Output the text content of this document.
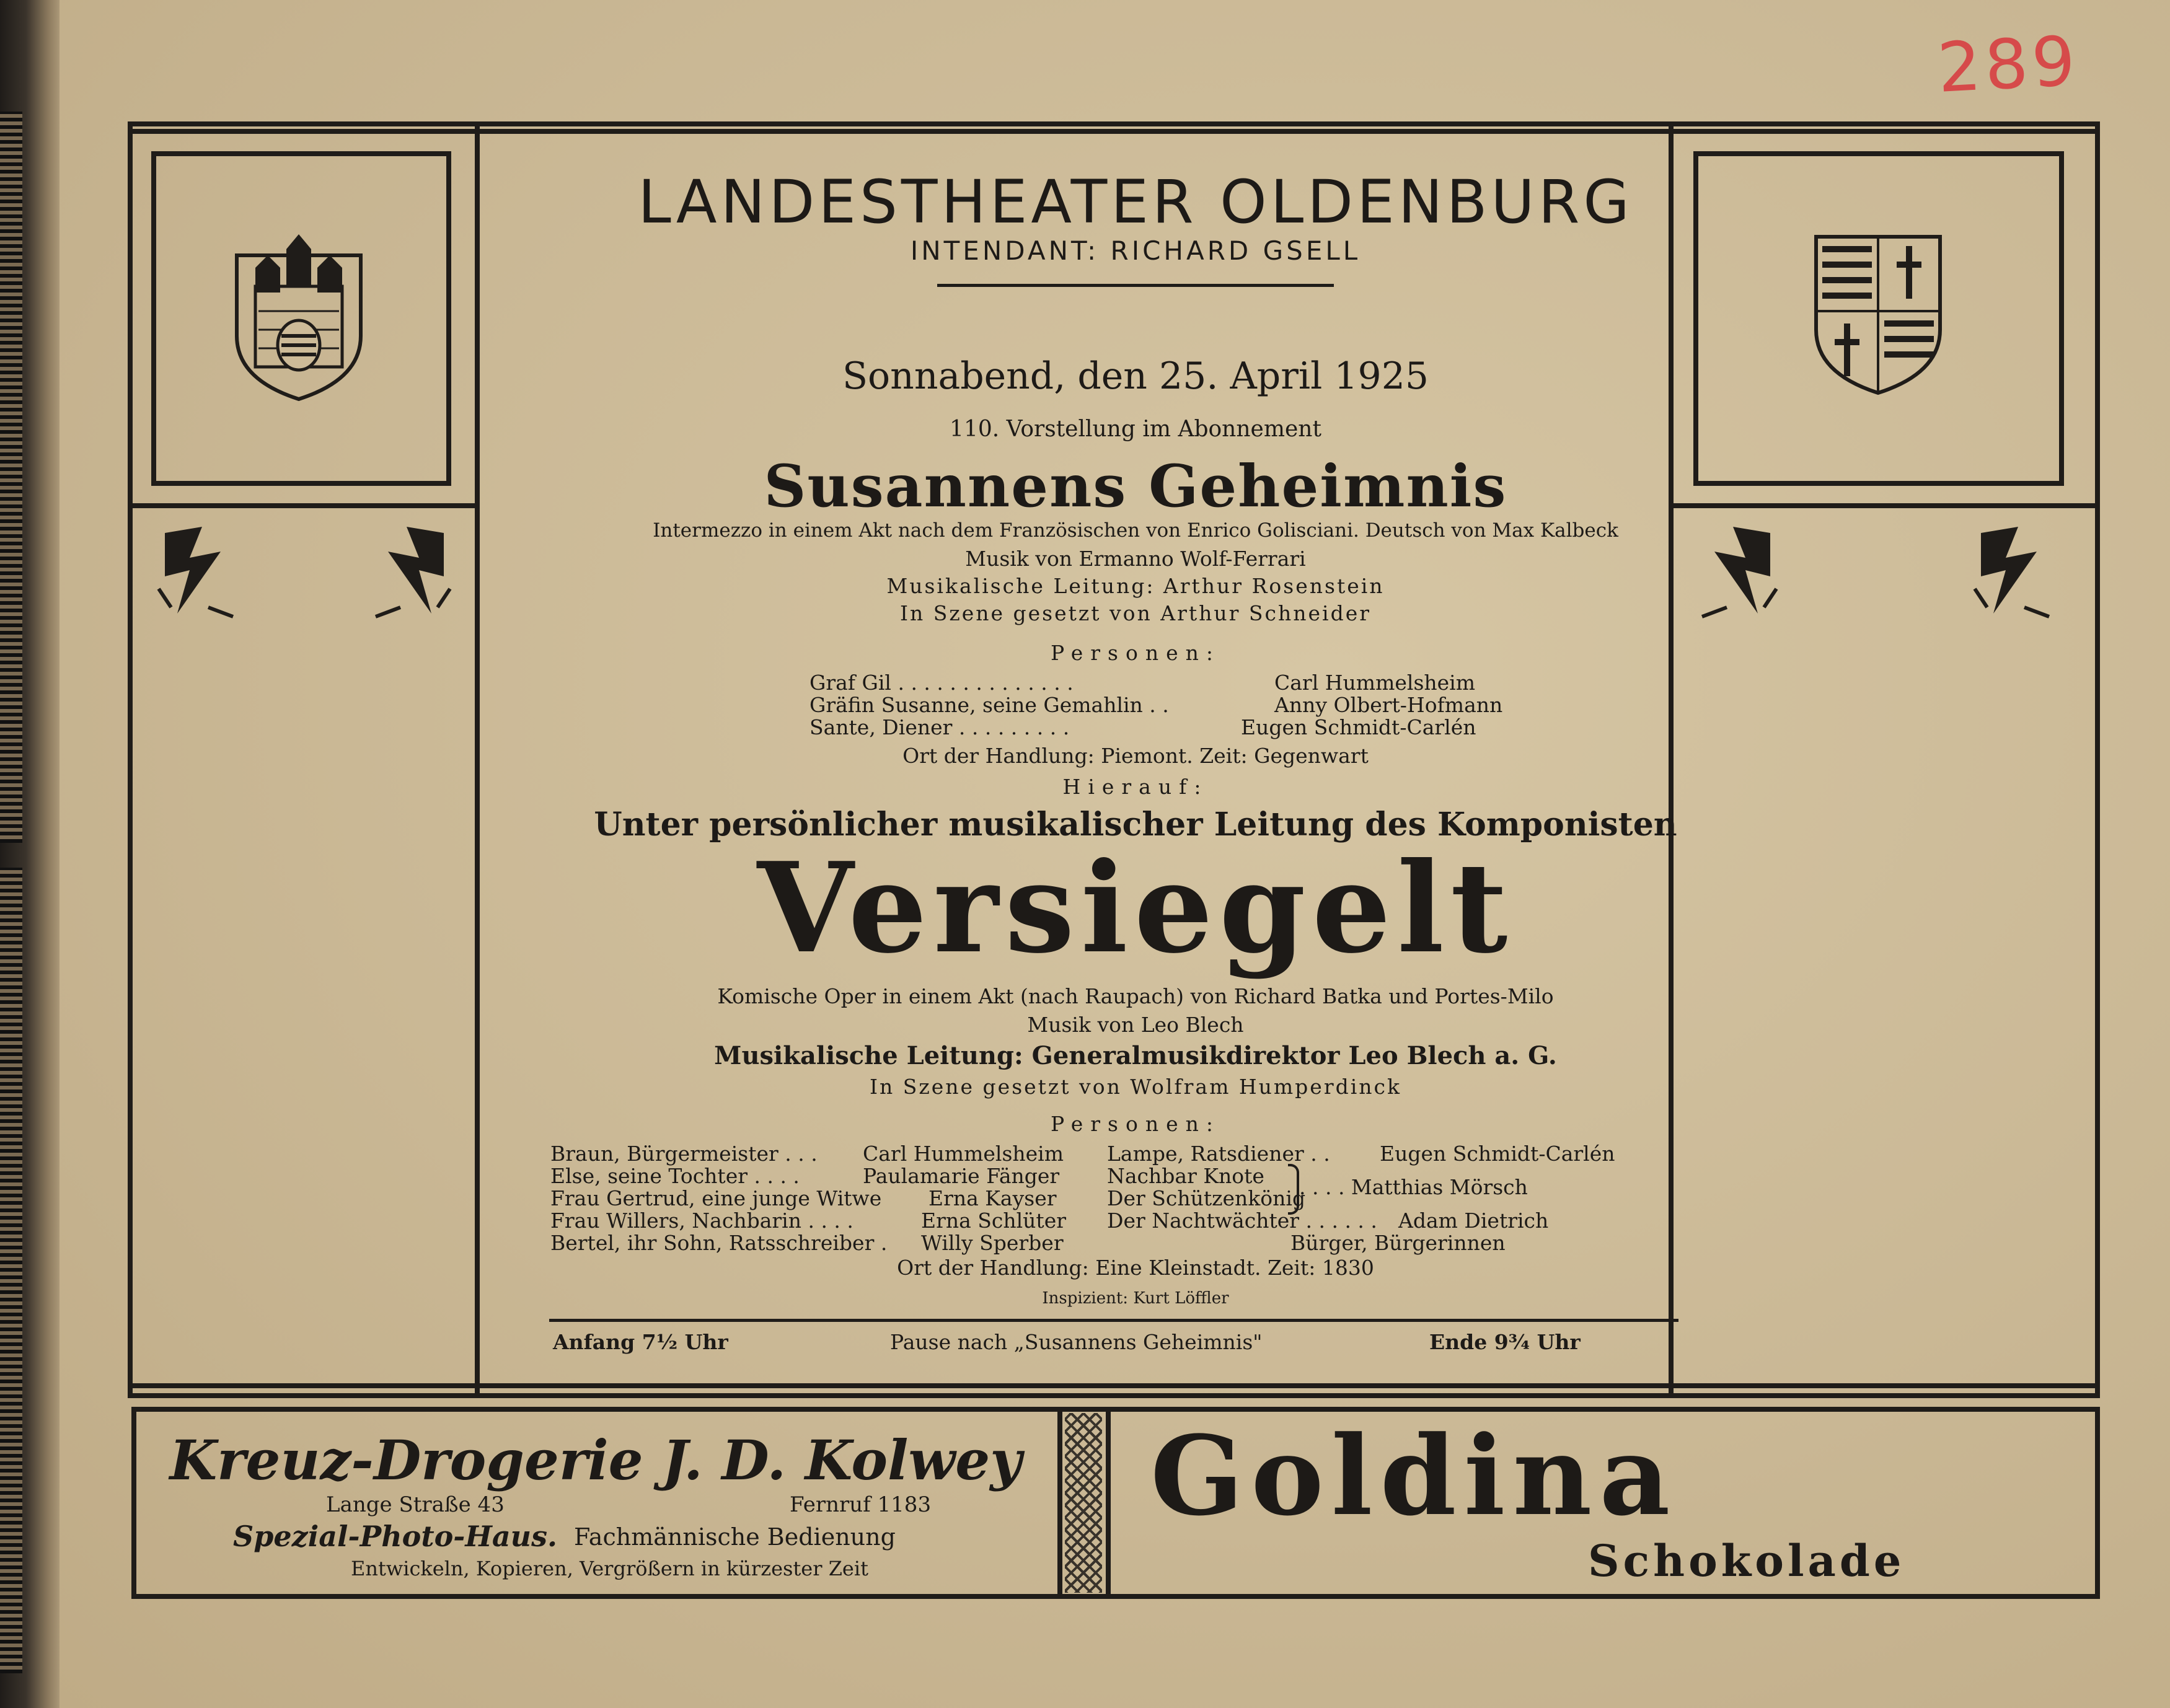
289
LANDESTHEATER OLDENBURG
INTENDANT: RICHARD GSELL
Sonnabend, den 25. April 1925
110. Vorstellung im Abonnement
Susannens Geheimnis
Intermezzo in einem Akt nach dem Französischen von Enrico Golisciani. Deutsch von Max Kalbeck
Musik von Ermanno Wolf-Ferrari
Musikalische Leitung: Arthur Rosenstein
In Szene gesetzt von Arthur Schneider
Personen:
Graf Gil . . . . . . . . . . . . . .	Carl Hummelsheim
Gräfin Susanne, seine Gemahlin . .	Anny Olbert-Hofmann
Sante, Diener . . . . . . . . .	Eugen Schmidt-Carlén
Ort der Handlung: Piemont. Zeit: Gegenwart
Hierauf:
Unter persönlicher musikalischer Leitung des Komponisten
Versiegelt
Komische Oper in einem Akt (nach Raupach) von Richard Batka und Portes-Milo
Musik von Leo Blech
Musikalische Leitung: Generalmusikdirektor Leo Blech a. G.
In Szene gesetzt von Wolfram Humperdinck
Personen:
Braun, Bürgermeister . . . Carl Hummelsheim
Else, seine Tochter . . . .	Paulamarie Fänger
Frau Gertrud, eine junge Witwe Erna Kayser
Frau Willers, Nachbarin . . . .	Erna Schlüter
Bertel, ihr Sohn, Ratsschreiber . Willy Sperber
Lampe, Ratsdiener . . Eugen Schmidt-Carlén
Nachbar Knote
Der Schützenkönig
. . . . Matthias Mörsch
Der Nachtwächter . . . . . . Adam Dietrich
Bürger, Bürgerinnen
Ort der Handlung: Eine Kleinstadt. Zeit: 1830
Inspizient: Kurt Löffler
Anfang 7½ Uhr	Pause nach „Susannens Geheimnis"	Ende 9¾ Uhr
Kreuz-Drogerie J. D. Kolwey
Lange Straße 43	Fernruf 1183
Spezial-Photo-Haus. Fachmännische Bedienung
Entwickeln, Kopieren, Vergrößern in kürzester Zeit
Goldina
Schokolade
